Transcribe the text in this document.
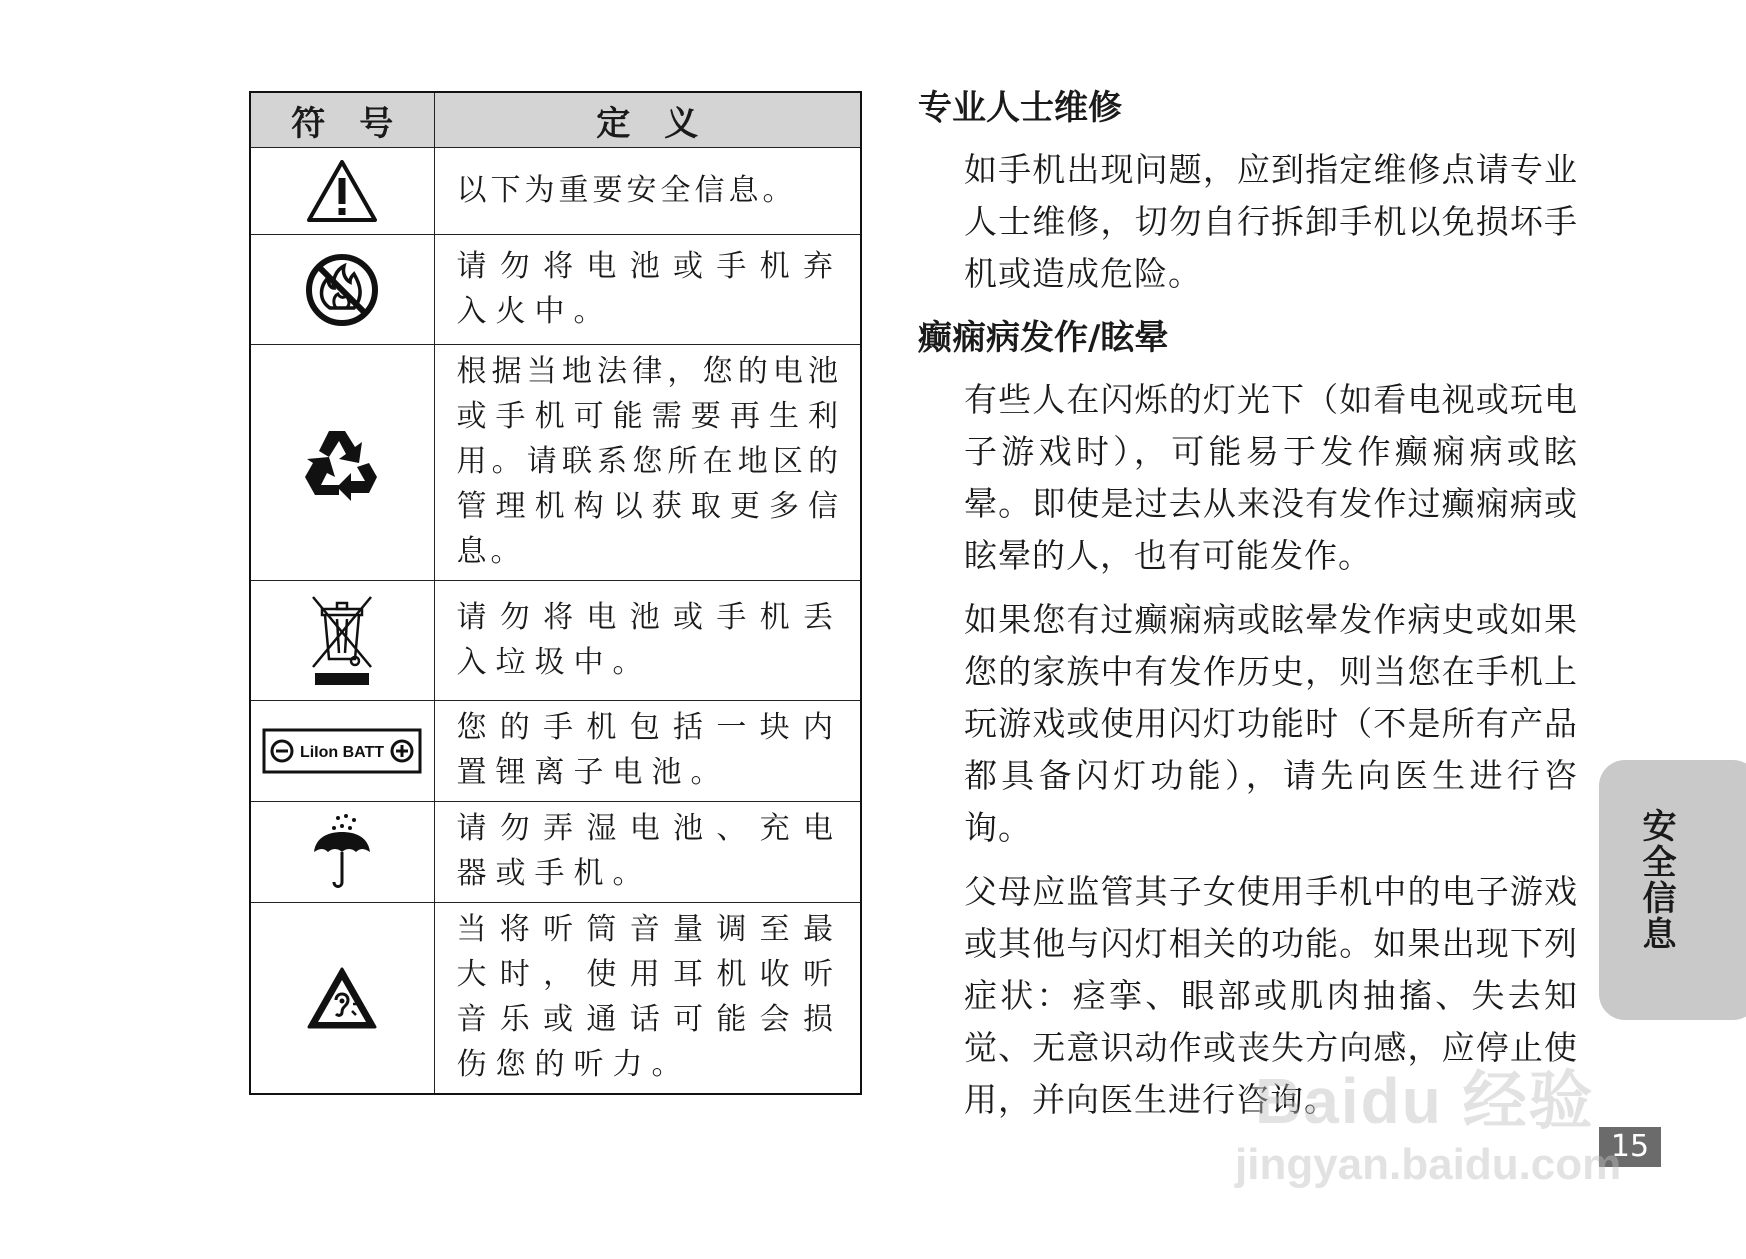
符　号	定　义

	以下为重要安全信息。

	请勿将电池或手机弃入火中。

	根据当地法律，您的电池或手机可能需要再生利用。请联系您所在地区的管理机构以获取更多信息。

	请勿将电池或手机丢入垃圾中。

LiIon BATT	您的手机包括一块内置锂离子电池。

	请勿弄湿电池、充电器或手机。

	当将听筒音量调至最大时，使用耳机收听音乐或通话可能会损伤您的听力。
专业人士维修

如手机出现问题，应到指定维修点请专业人士维修，切勿自行拆卸手机以免损坏手机或造成危险。

癫痫病发作/眩晕

有些人在闪烁的灯光下（如看电视或玩电子游戏时），可能易于发作癫痫病或眩晕。即使是过去从来没有发作过癫痫病或眩晕的人，也有可能发作。

如果您有过癫痫病或眩晕发作病史或如果您的家族中有发作历史，则当您在手机上玩游戏或使用闪灯功能时（不是所有产品都具备闪灯功能），请先向医生进行咨询。

父母应监管其子女使用手机中的电子游戏或其他与闪灯相关的功能。如果出现下列症状：痉挛、眼部或肌肉抽搐、失去知觉、无意识动作或丧失方向感，应停止使用，并向医生进行咨询。

安全信息
15
Baidu 经验
jingyan.baidu.com
